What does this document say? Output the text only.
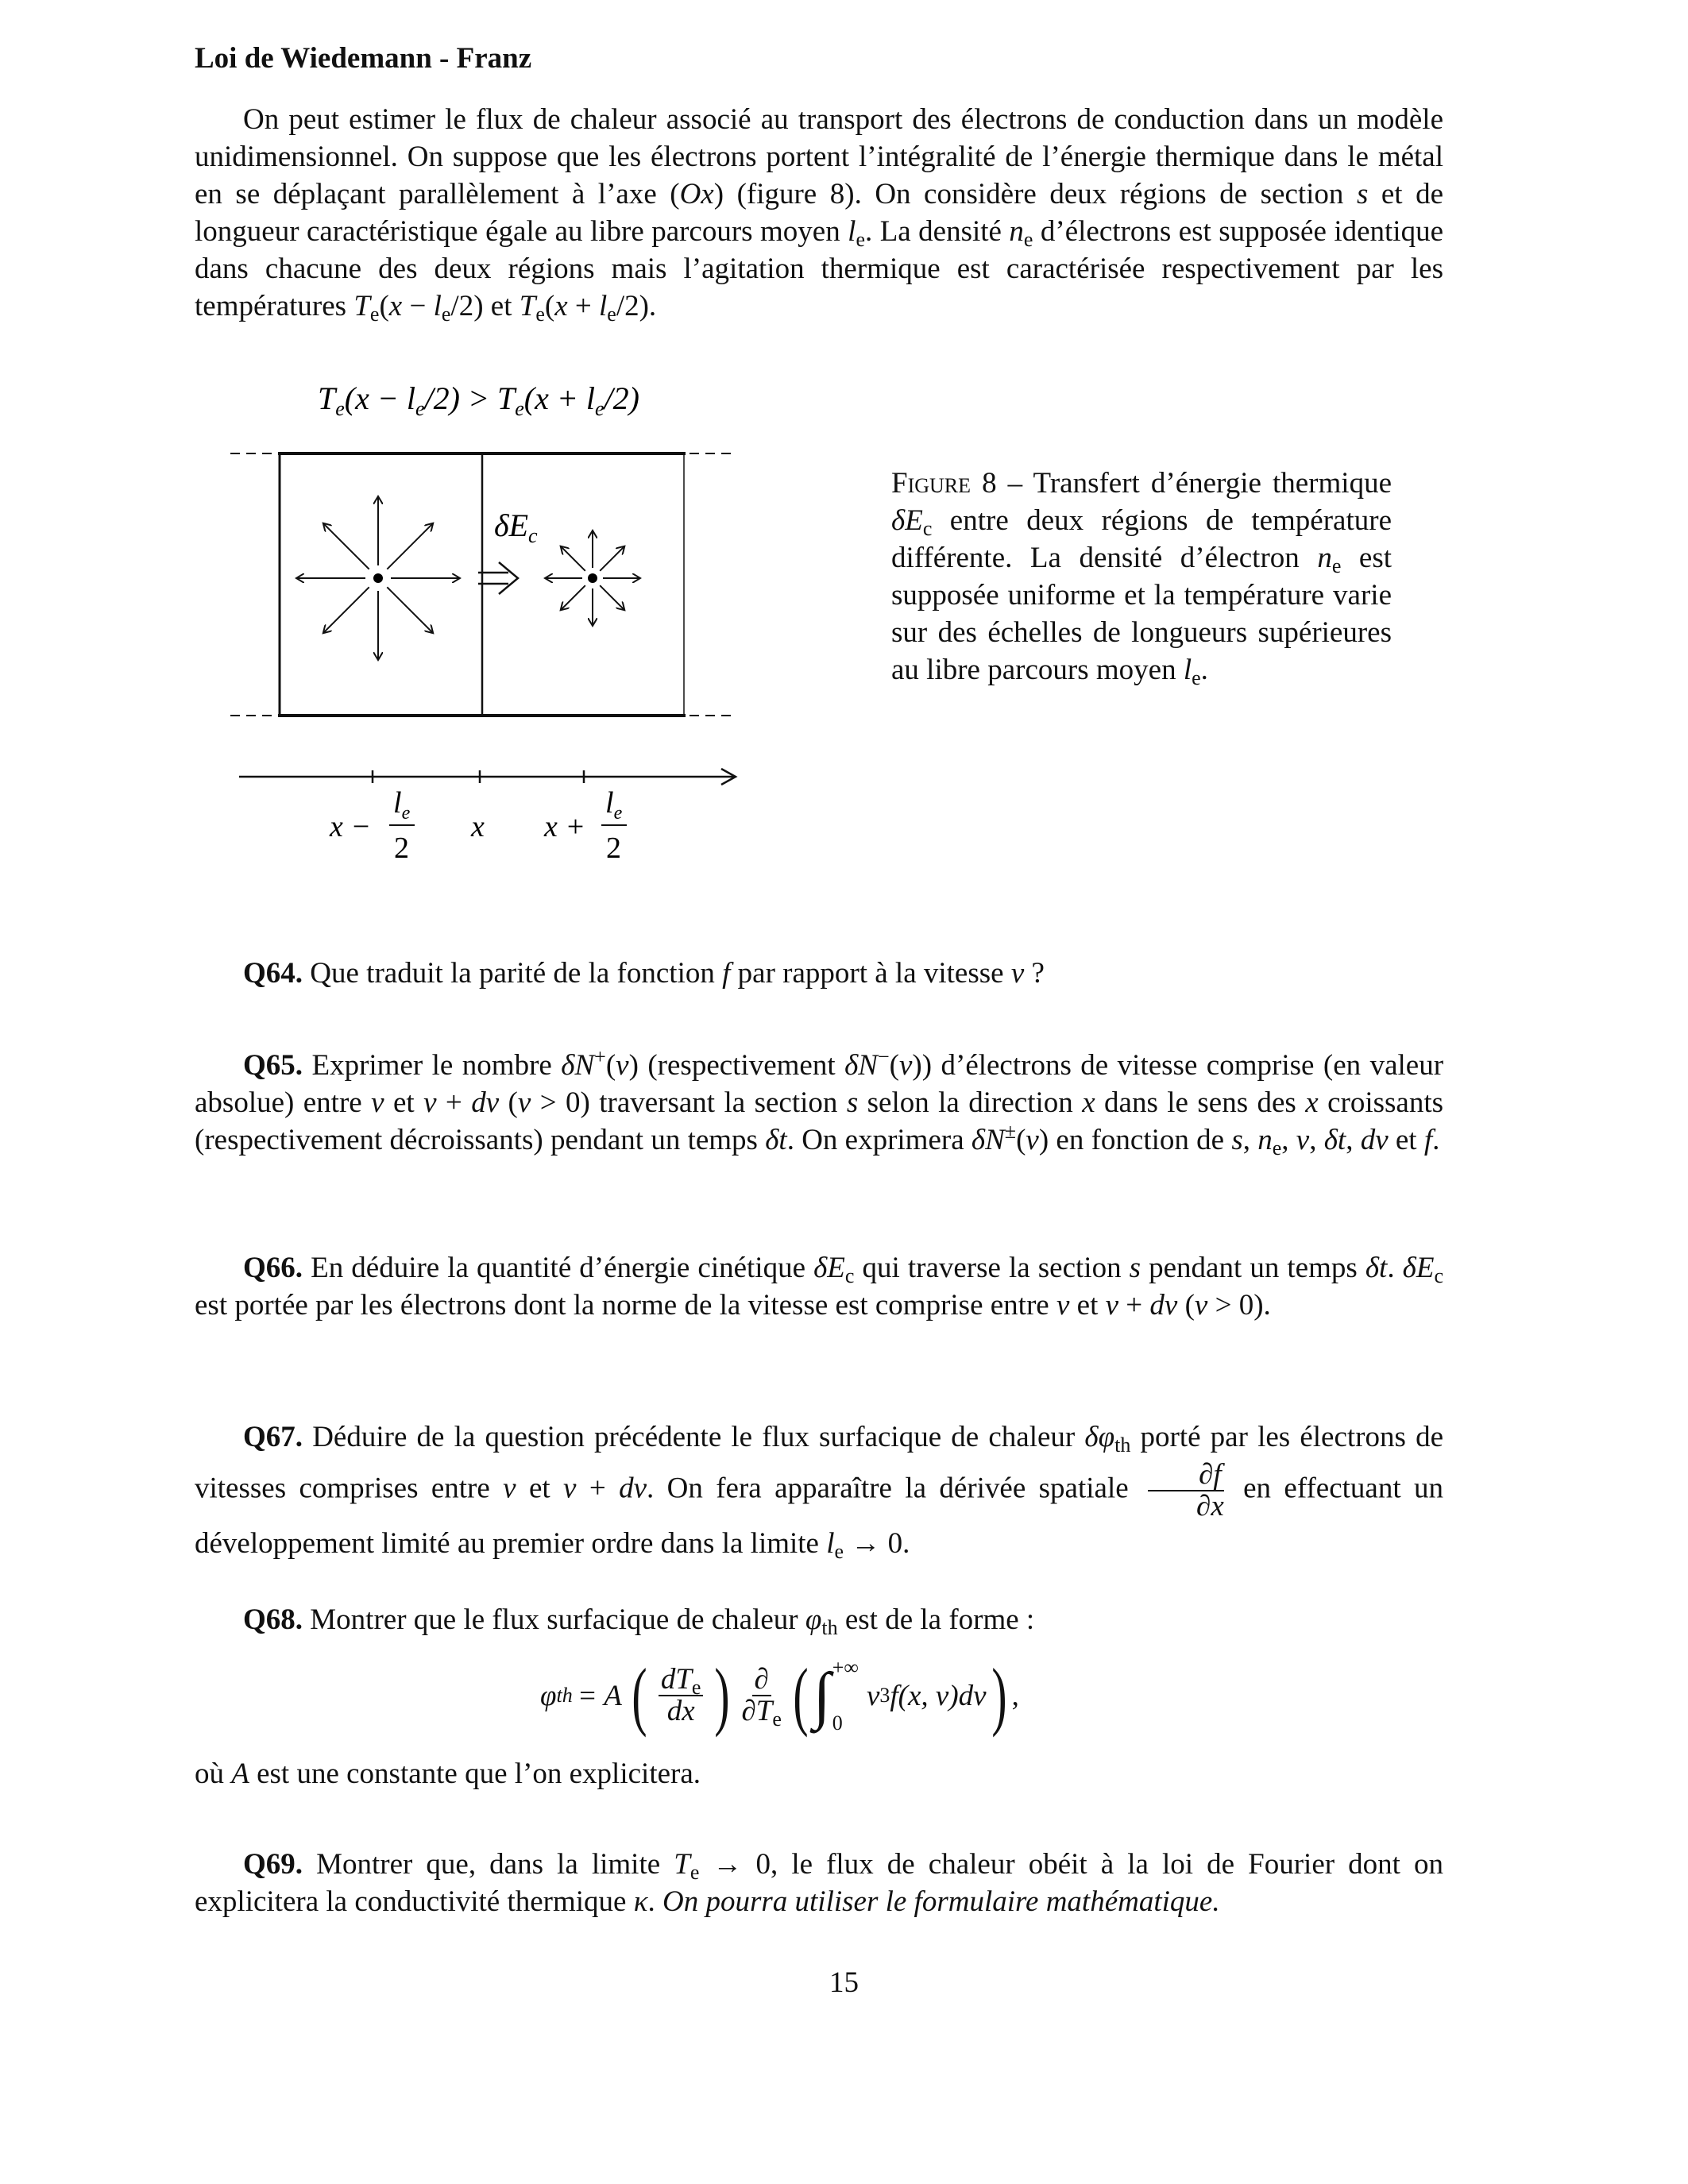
Loi de Wiedemann - Franz

On peut estimer le flux de chaleur associé au transport des électrons de conduction dans un modèle unidimensionnel. On suppose que les électrons portent l’intégralité de l’énergie thermique dans le métal en se déplaçant parallèlement à l’axe (Ox) (figure 8). On considère deux régions de section s et de longueur caractéristique égale au libre parcours moyen $l_e$. La densité $n_e$ d’électrons est supposée identique dans chacune des deux régions mais l’agitation thermique est caractérisée respectivement par les températures $T_e(x - l_e/2)$ et $T_e(x + l_e/2)$.

$T_e(x - l_e/2) > T_e(x + l_e/2)$
$\delta E_c$
x −
$l_e$
2
x x +
$l_e$
2

Figure 8 – Transfert d’énergie thermique $\delta E_c$ entre deux régions de température différente. La densité d’électron $n_e$ est supposée uniforme et la température varie sur des échelles de longueurs supérieures au libre parcours moyen $l_e$.

Q64. Que traduit la parité de la fonction f par rapport à la vitesse v ?

Q65. Exprimer le nombre δN+(v) (respectivement δN−(v)) d’électrons de vitesse comprise (en valeur absolue) entre v et v + dv (v > 0) traversant la section s selon la direction x dans le sens des x croissants (respectivement décroissants) pendant un temps δt. On exprimera δN±(v) en fonction de s, $n_e$, v, δt, dv et f.

Q66. En déduire la quantité d’énergie cinétique $\delta E_c$ qui traverse la section s pendant un temps δt. $\delta E_c$ est portée par les électrons dont la norme de la vitesse est comprise entre v et v + dv (v > 0).

Q67. Déduire de la question précédente le flux surfacique de chaleur $\delta\varphi_{th}$ porté par les électrons de vitesses comprises entre v et v + dv. On fera apparaître la dérivée spatiale $\frac{\partial f}{\partial x}$ en effectuant un développement limité au premier ordre dans la limite $l_e \to 0$.

Q68. Montrer que le flux surfacique de chaleur $\varphi_{th}$ est de la forme :

φ th = A ( $\frac{dT_e}{dx}$ ) $\frac{\partial}{\partial T_e}$ ( ∫ +∞
0
v 3 f(x, v)dv ) ,

où A est une constante que l’on explicitera.

Q69. Montrer que, dans la limite $T_e \to 0$, le flux de chaleur obéit à la loi de Fourier dont on explicitera la conductivité thermique κ. On pourra utiliser le formulaire mathématique.

15
